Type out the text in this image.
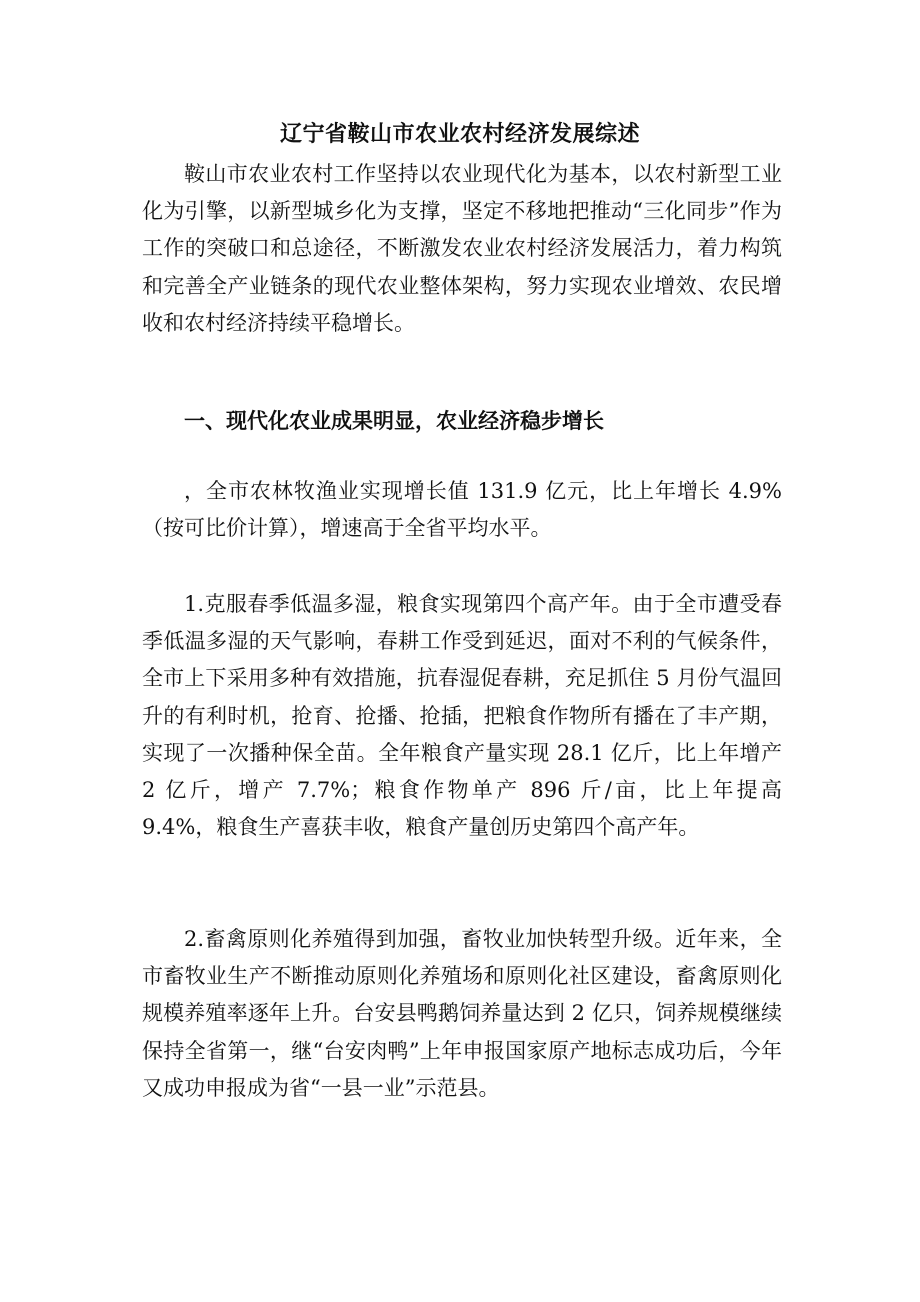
辽宁省鞍山市农业农村经济发展综述

鞍山市农业农村工作坚持以农业现代化为基本，以农村新型工业化为引擎，以新型城乡化为支撑，坚定不移地把推动“三化同步”作为工作的突破口和总途径，不断激发农业农村经济发展活力，着力构筑和完善全产业链条的现代农业整体架构，努力实现农业增效、农民增收和农村经济持续平稳增长。

一、现代化农业成果明显，农业经济稳步增长

，全市农林牧渔业实现增长值 131.9 亿元，比上年增长 4.9%（按可比价计算），增速高于全省平均水平。

1.克服春季低温多湿，粮食实现第四个高产年。由于全市遭受春季低温多湿的天气影响，春耕工作受到延迟，面对不利的气候条件，全市上下采用多种有效措施，抗春湿促春耕，充足抓住 5 月份气温回升的有利时机，抢育、抢播、抢插，把粮食作物所有播在了丰产期，实现了一次播种保全苗。全年粮食产量实现 28.1 亿斤，比上年增产 2 亿斤，增产 7.7%；粮食作物单产 896 斤/亩，比上年提高 9.4%，粮食生产喜获丰收，粮食产量创历史第四个高产年。

2.畜禽原则化养殖得到加强，畜牧业加快转型升级。近年来，全市畜牧业生产不断推动原则化养殖场和原则化社区建设，畜禽原则化规模养殖率逐年上升。台安县鸭鹅饲养量达到 2 亿只，饲养规模继续保持全省第一，继“台安肉鸭”上年申报国家原产地标志成功后，今年又成功申报成为省“一县一业”示范县。
